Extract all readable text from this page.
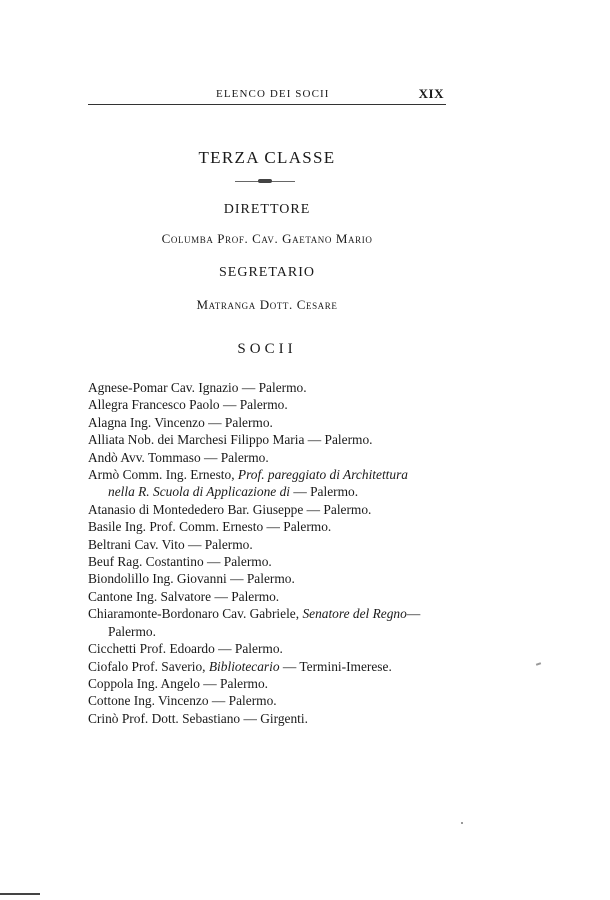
ELENCO DEI SOCII	XIX
TERZA CLASSE
DIRETTORE
Columba Prof. Cav. Gaetano Mario
SEGRETARIO
Matranga Dott. Cesare
SOCII
Agnese-Pomar Cav. Ignazio — Palermo.
Allegra Francesco Paolo — Palermo.
Alagna Ing. Vincenzo — Palermo.
Alliata Nob. dei Marchesi Filippo Maria — Palermo.
Andò Avv. Tommaso — Palermo.
Armò Comm. Ing. Ernesto, Prof. pareggiato di Architettura
nella R. Scuola di Applicazione di — Palermo.
Atanasio di Montededero Bar. Giuseppe — Palermo.
Basile Ing. Prof. Comm. Ernesto — Palermo.
Beltrani Cav. Vito — Palermo.
Beuf Rag. Costantino — Palermo.
Biondolillo Ing. Giovanni — Palermo.
Cantone Ing. Salvatore — Palermo.
Chiaramonte-Bordonaro Cav. Gabriele, Senatore del Regno—
Palermo.
Cicchetti Prof. Edoardo — Palermo.
Ciofalo Prof. Saverio, Bibliotecario — Termini-Imerese.
Coppola Ing. Angelo — Palermo.
Cottone Ing. Vincenzo — Palermo.
Crinò Prof. Dott. Sebastiano — Girgenti.
